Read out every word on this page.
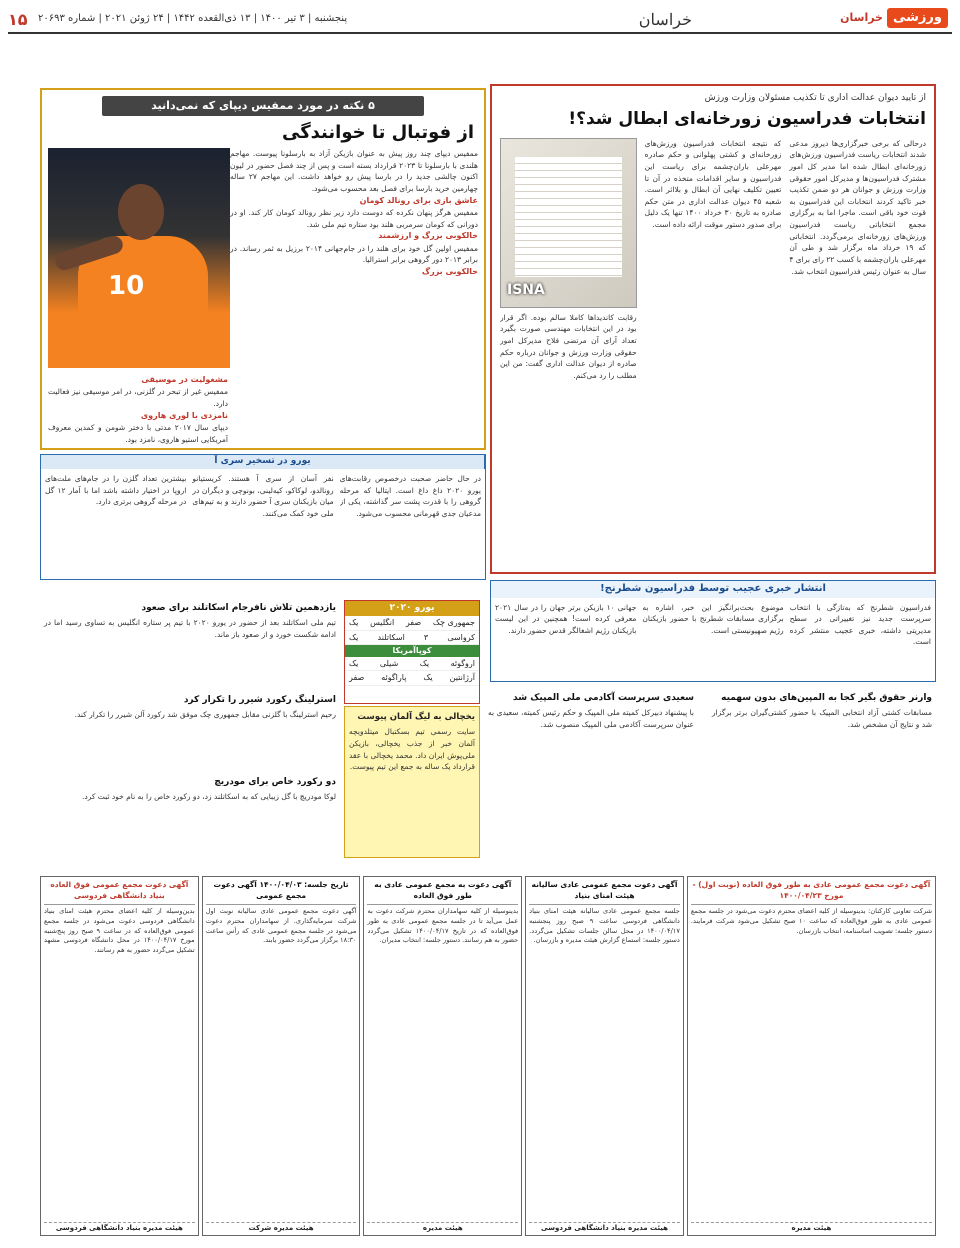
ورزشی
خراسان
خراسان
پنجشنبه | ۳ تیر ۱۴۰۰ | ۱۳ ذی‌القعده ۱۴۴۲ | ۲۴ ژوئن ۲۰۲۱ | شماره ۲۰۶۹۳
۱۵
از تایید دیوان عدالت اداری تا تکذیب مسئولان وزارت ورزش
انتخابات فدراسیون زورخانه‌ای ابطال شد؟!
درحالی که برخی خبرگزاری‌ها دیروز مدعی شدند انتخابات ریاست فدراسیون ورزش‌های زورخانه‌ای ابطال شده اما مدیر کل امور مشترک فدراسیون‌ها و مدیرکل امور حقوقی وزارت ورزش و جوانان هر دو ضمن تکذیب خبر تاکید کردند انتخابات این فدراسیون به قوت خود باقی است. ماجرا اما به برگزاری مجمع انتخاباتی ریاست فدراسیون ورزش‌های زورخانه‌ای برمی‌گردد. انتخاباتی که ۱۹ خرداد ماه برگزار شد و طی آن مهرعلی باران‌چشمه با کسب ۲۲ رای برای ۴ سال به عنوان رئیس فدراسیون انتخاب شد.
که نتیجه انتخابات فدراسیون ورزش‌های زورخانه‌ای و کشتی پهلوانی و حکم صادره مهرعلی باران‌چشمه برای ریاست این فدراسیون و سایر اقدامات متخذه در آن تا تعیین تکلیف نهایی آن ابطال و بلااثر است. شعبه ۴۵ دیوان عدالت اداری در متن حکم صادره به تاریخ ۳۰ خرداد ۱۴۰۰ تنها یک دلیل برای صدور دستور موقت ارائه داده است.
ISNA
رقابت کاندیداها کاملا سالم بوده. اگر قرار بود در این انتخابات مهندسی صورت بگیرد تعداد آرای آن مرتضی فلاح مدیرکل امور حقوقی وزارت ورزش و جوانان درباره حکم صادره از دیوان عدالت اداری گفت: من این مطلب را رد می‌کنم.
۵ نکته در مورد ممفیس دیپای که نمی‌دانید
از فوتبال تا خوانندگی

ممفیس دیپای چند روز پیش به عنوان بازیکن آزاد به بارسلونا پیوست. مهاجم هلندی با بارسلونا تا ۲۰۲۳ قرارداد بسته است و پس از چند فصل حضور در لیون اکنون چالشی جدید را در بارسا پیش رو خواهد داشت. این مهاجم ۲۷ ساله چهارمین خرید بارسا برای فصل بعد محسوب می‌شود.

عاشق بازی برای رونالد کومان

ممفیس هرگز پنهان نکرده که دوست دارد زیر نظر رونالد کومان کار کند. او در دورانی که کومان سرمربی هلند بود ستاره تیم ملی شد.

خالکوبی بزرگ و ارزشمند

ممفیس اولین گل خود برای هلند را در جام‌جهانی ۲۰۱۴ برزیل به ثمر رساند. در برابر ۲۰۱۳ دور گروهی برابر استرالیا.

خالکوبی بزرگ

10

مشغولیت در موسیقی

ممفیس غیر از تبحر در گلزنی، در امر موسیقی نیز فعالیت دارد.

نامزدی با لوری هاروی

دیپای سال ۲۰۱۷ مدتی با دختر شومن و کمدین معروف آمریکایی استیو هاروی، نامزد بود.

یورو در تسخیر سری آ
در حال حاضر صحبت درخصوص رقابت‌های یورو ۲۰۲۰ داغ داغ است. ایتالیا که مرحله گروهی را با قدرت پشت سر گذاشته، یکی از مدعیان جدی قهرمانی محسوب می‌شود.
نفر آسان از سری آ هستند. کریستیانو رونالدو، لوکاکو، کیه‌لینی، بونوچی و دیگران در میان بازیکنان سری آ حضور دارند و به تیم‌های ملی خود کمک می‌کنند.
بیشترین تعداد گلزن را در جام‌های ملت‌های اروپا در اختیار داشته باشد اما با آمار ۱۲ گل در مرحله گروهی برتری دارد.
انتشار خبری عجیب توسط فدراسیون شطرنج!
فدراسیون شطرنج که به‌تازگی با انتخاب سرپرست جدید نیز تغییراتی در سطح مدیریتی داشته، خبری عجیب منتشر کرده است.
موضوع بحث‌برانگیز این خبر، اشاره به برگزاری مسابقات شطرنج با حضور بازیکنان رژیم صهیونیستی است.
جهانی ۱۰ بازیکن برتر جهان را در سال ۲۰۲۱ معرفی کرده است! همچنین در این لیست بازیکنان رژیم اشغالگر قدس حضور دارند.
یازدهمین تلاش نافرجام اسکاتلند برای صعود
تیم ملی اسکاتلند بعد از حضور در یورو ۲۰۲۰ با تیم پر ستاره انگلیس به تساوی رسید اما در ادامه شکست خورد و از صعود باز ماند.
استرلینگ رکورد شیرر را تکرار کرد
رحیم استرلینگ با گلزنی مقابل جمهوری چک موفق شد رکورد آلن شیرر را تکرار کند.
دو رکورد خاص برای مودریچ
لوکا مودریچ با گل زیبایی که به اسکاتلند زد، دو رکورد خاص را به نام خود ثبت کرد.
یورو ۲۰۲۰
جمهوری چک
صفر
انگلیس
یک
کرواسی
۳
اسکاتلند
یک
کوپاآمریکا
اروگوئه
یک
شیلی
یک
آرژانتین
یک
پاراگوئه
صفر
یخچالی به لیگ آلمان پیوست
سایت رسمی تیم بسکتبال میتلدویچه آلمان خبر از جذب یخچالی، بازیکن ملی‌پوش ایران داد. محمد یخچالی با عقد قرارداد یک ساله به جمع این تیم پیوست.
وارنر حقوق بگیر کجا به المپین‌های بدون سهمیه
مسابقات کشتی آزاد انتخابی المپیک با حضور کشتی‌گیران برتر برگزار شد و نتایج آن مشخص شد.
سعیدی سرپرست آکادمی ملی المپیک شد
با پیشنهاد دبیرکل کمیته ملی المپیک و حکم رئیس کمیته، سعیدی به عنوان سرپرست آکادمی ملی المپیک منصوب شد.
آگهی دعوت مجمع عمومی فوق العاده بنیاد دانشگاهی فردوسی
بدین‌وسیله از کلیه اعضای محترم هیئت امنای بنیاد دانشگاهی فردوسی دعوت می‌شود در جلسه مجمع عمومی فوق‌العاده که در ساعت ۹ صبح روز پنج‌شنبه مورخ ۱۴۰۰/۰۴/۱۷ در محل دانشگاه فردوسی مشهد تشکیل می‌گردد حضور به هم رسانند.
هیئت مدیره بنیاد دانشگاهی فردوسی
تاریخ جلسه: ۱۴۰۰/۰۴/۰۳ آگهی دعوت مجمع عمومی
آگهی دعوت مجمع عمومی عادی سالیانه نوبت اول شرکت سرمایه‌گذاری. از سهامداران محترم دعوت می‌شود در جلسه مجمع عمومی عادی که رأس ساعت ۱۸:۳۰ برگزار می‌گردد حضور یابند.
هیئت مدیره شرکت
آگهی دعوت به مجمع عمومی عادی به طور فوق العاده
بدینوسیله از کلیه سهامداران محترم شرکت دعوت به عمل می‌آید تا در جلسه مجمع عمومی عادی به طور فوق‌العاده که در تاریخ ۱۴۰۰/۰۴/۱۷ تشکیل می‌گردد حضور به هم رسانند. دستور جلسه: انتخاب مدیران.
هیئت مدیره
آگهی دعوت مجمع عمومی عادی سالیانه هیئت امنای بنیاد
جلسه مجمع عمومی عادی سالیانه هیئت امنای بنیاد دانشگاهی فردوسی ساعت ۹ صبح روز پنجشنبه ۱۴۰۰/۰۴/۱۷ در محل سالن جلسات تشکیل می‌گردد. دستور جلسه: استماع گزارش هیئت مدیره و بازرسان.
هیئت مدیره بنیاد دانشگاهی فردوسی
آگهی دعوت مجمع عمومی عادی به طور فوق العاده (نوبت اول) - مورخ ۱۴۰۰/۰۴/۲۳
شرکت تعاونی کارکنان: بدینوسیله از کلیه اعضای محترم دعوت می‌شود در جلسه مجمع عمومی عادی به طور فوق‌العاده که ساعت ۱۰ صبح تشکیل می‌شود شرکت فرمایند. دستور جلسه: تصویب اساسنامه، انتخاب بازرسان.
هیئت مدیره
